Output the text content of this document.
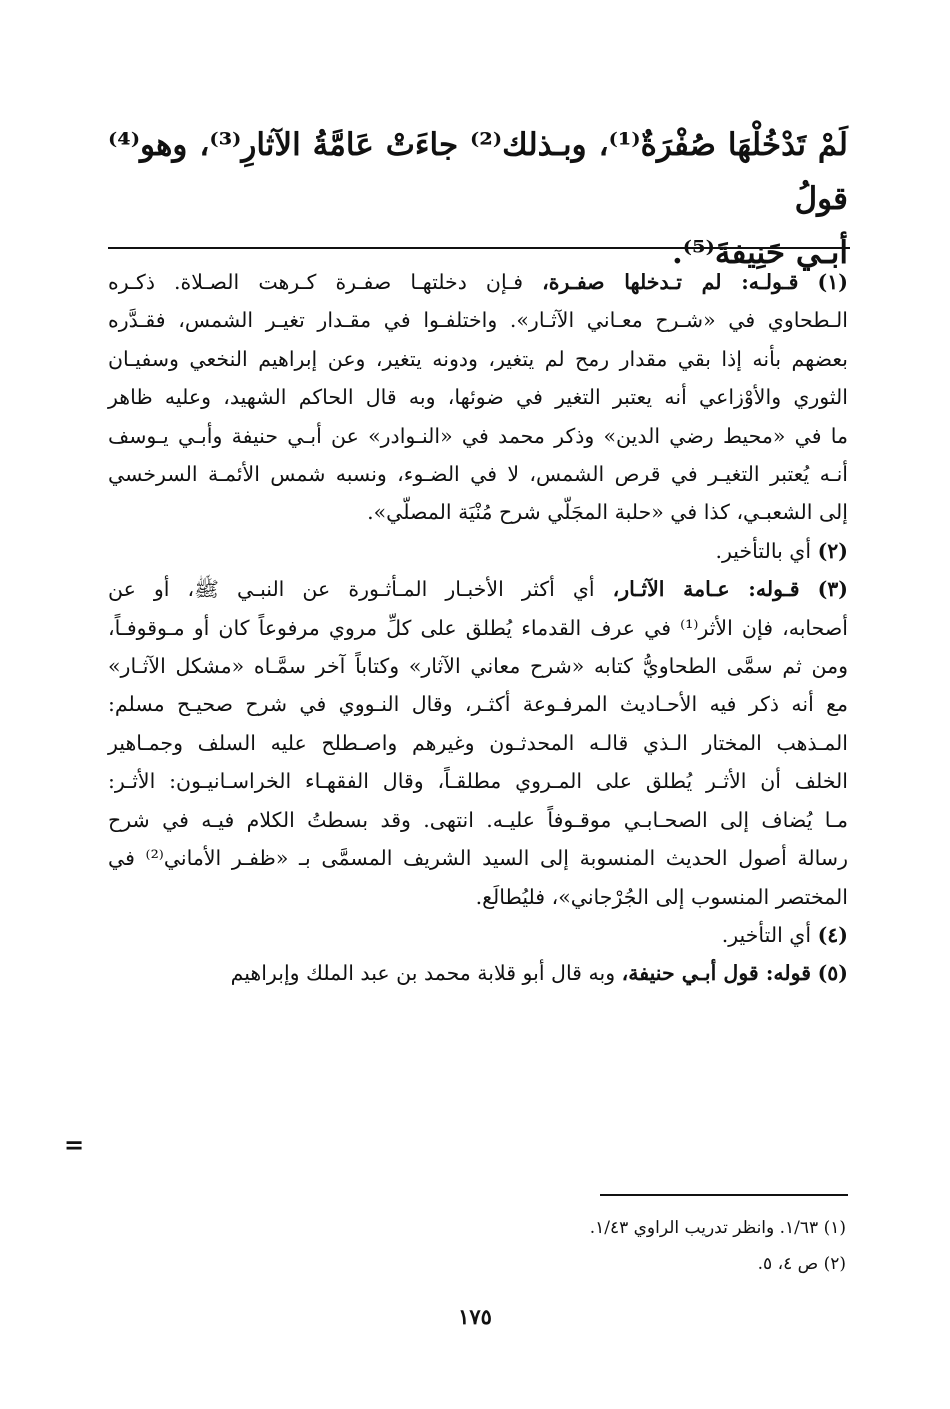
لَمْ تَدْخُلْهَا صُفْرَةٌ⁽¹⁾، وبـذلك⁽²⁾ جاءَتْ عَامَّةُ الآثارِ⁽³⁾، وهو⁽⁴⁾ قولُ
أبـي حَنِيفةَ⁽⁵⁾.
(١) قـولـه: لم تـدخلها صفـرة، فـإن دخلتهـا صفـرة كـرهت الصـلاة. ذكـره
الـطحاوي في «شـرح معـاني الآثـار». واختلفـوا في مقـدار تغيـر الشمس، فقـدَّره
بعضهم بأنه إذا بقي مقدار رمح لم يتغير، ودونه يتغير، وعن إبراهيم النخعي وسفيـان
الثوري والأوْزاعي أنه يعتبر التغير في ضوئها، وبه قال الحاكم الشهيد، وعليه ظاهر
ما في «محيط رضي الدين» وذكر محمد في «النـوادر» عن أبـي حنيفة وأبـي يـوسف
أنـه يُعتبر التغيـر في قرص الشمس، لا في الضـوء، ونسبه شمس الأئمـة السرخسي
إلى الشعبـي، كذا في «حلبة المجَلّي شرح مُنْيَة المصلّي».
(٢) أي بالتأخير.
(٣) قـوله: عـامة الآثـار، أي أكثر الأخبـار المـأثـورة عن النبـي ﷺ، أو عن
أصحابه، فإن الأثر⁽¹⁾ في عرف القدماء يُطلق على كلِّ مروي مرفوعاً كان أو مـوقوفـاً،
ومن ثم سمَّى الطحاويُّ كتابه «شرح معاني الآثار» وكتاباً آخر سمَّـاه «مشكل الآثـار»
مع أنه ذكر فيه الأحـاديث المرفـوعة أكثـر، وقال النـووي في شرح صحيـح مسلم:
المـذهب المختار الـذي قالـه المحدثـون وغيرهم واصـطلح عليه السلف وجمـاهير
الخلف أن الأثـر يُطلق على المـروي مطلقـاً، وقال الفقهـاء الخراسـانيـون: الأثـر:
مـا يُضاف إلى الصحـابـي موقـوفاً عليـه. انتهى. وقد بسطتُ الكلام فيـه في شرح
رسالة أصول الحديث المنسوبة إلى السيد الشريف المسمَّى بـ «ظفـر الأماني⁽²⁾ في
المختصر المنسوب إلى الجُرْجاني»، فليُطالَع.
(٤) أي التأخير.
(٥) قوله: قول أبـي حنيفة، وبه قال أبو قلابة محمد بن عبد الملك وإبراهيم
=
(١) ١/٦٣. وانظر تدريب الراوي ١/٤٣.
(٢) ص ٤، ٥.
١٧٥
